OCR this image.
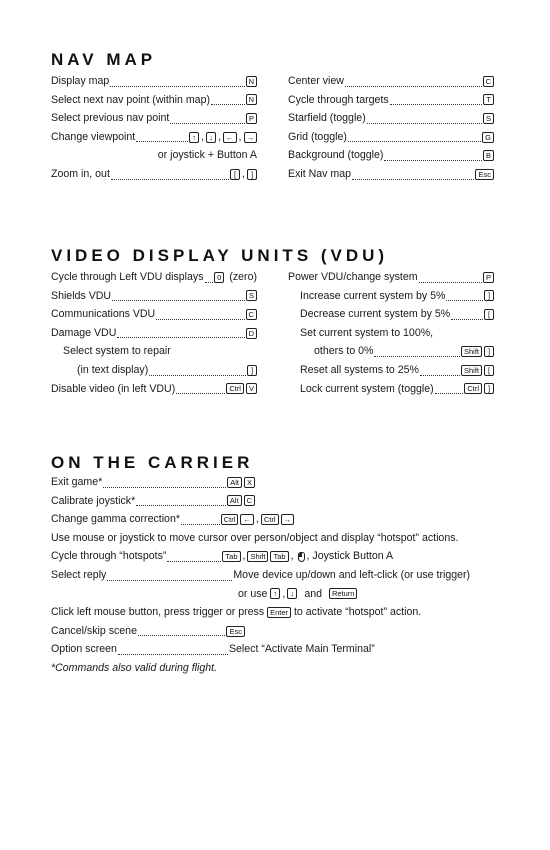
NAV MAP
Display map	N
Select next nav point (within map)	N
Select previous nav point	P
Change viewpoint	↑ , ↓ , ← , →
or joystick + Button A
Zoom in, out	[ , ]
Center view	C
Cycle through targets	T
Starfield (toggle)	S
Grid (toggle)	G
Background (toggle)	B
Exit Nav map	Esc
VIDEO DISPLAY UNITS (VDU)
Cycle through Left VDU displays	0 (zero)
Shields VDU	S
Communications VDU	C
Damage VDU	D
Select system to repair
(in text display)	]
Disable video (in left VDU)	Ctrl	V
Power VDU/change system	P
Increase current system by 5%	]
Decrease current system by 5%	[
Set current system to 100%,
others to 0%	Shift	]
Reset all systems to 25%	Shift	[
Lock current system (toggle)	Ctrl	]
ON THE CARRIER
Exit game*	Alt	X
Calibrate joystick*	Alt	C
Change gamma correction*	Ctrl	← , Ctrl	→
Use mouse or joystick to move cursor over person/object and display “hotspot” actions.
Cycle through “hotspots”	Tab , Shift	Tab , , Joystick Button A
Select reply	Move device up/down and left-click (or use trigger)
or use
↑ , ↓
and
	Return
Click left mouse button, press trigger or press
Enter
to activate “hotspot” action.
Cancel/skip scene	Esc
Option screen	Select “Activate Main Terminal”
*Commands also valid during flight.
